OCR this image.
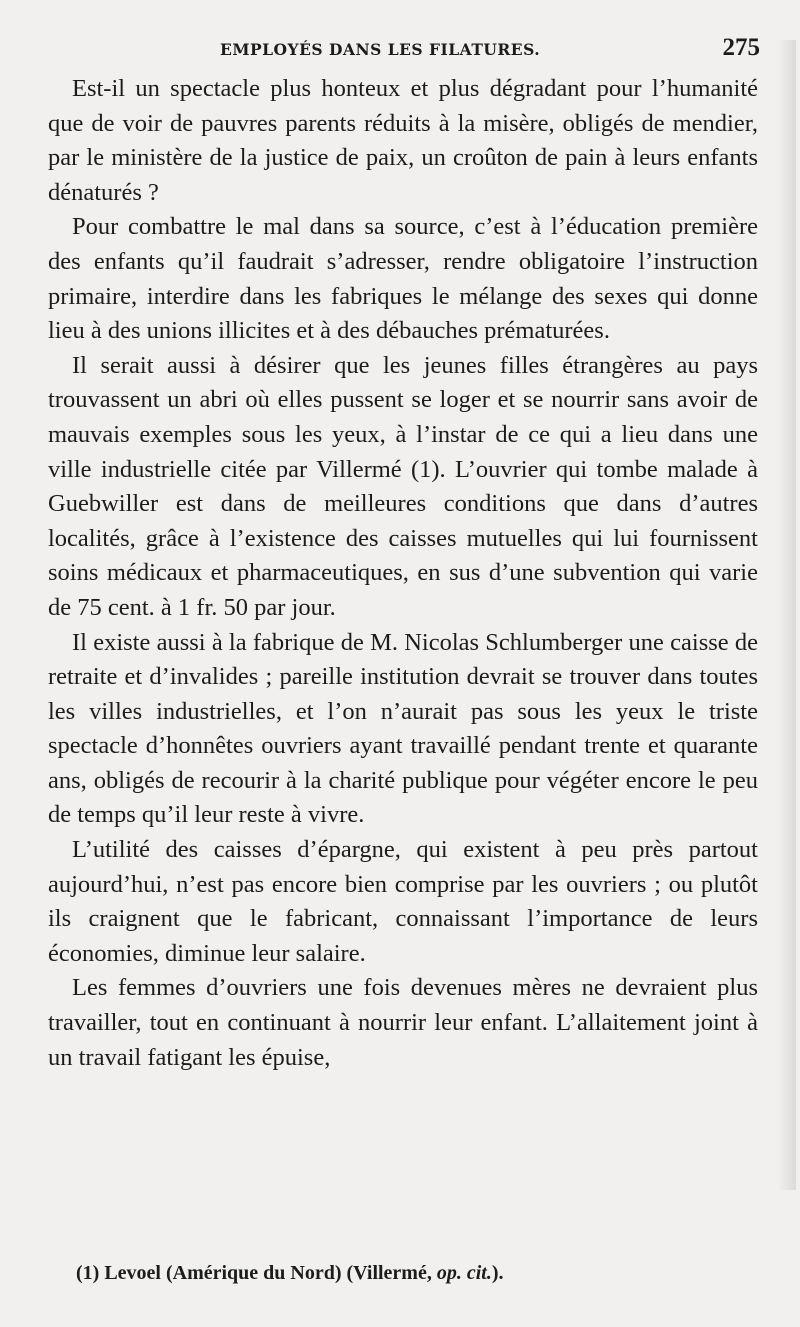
EMPLOYÉS DANS LES FILATURES.	275

Est-il un spectacle plus honteux et plus dégradant pour l’humanité que de voir de pauvres parents réduits à la misère, obligés de mendier, par le ministère de la justice de paix, un croûton de pain à leurs enfants dénaturés ?

Pour combattre le mal dans sa source, c’est à l’éducation première des enfants qu’il faudrait s’adresser, rendre obligatoire l’instruction primaire, interdire dans les fabriques le mélange des sexes qui donne lieu à des unions illicites et à des débauches prématurées.

Il serait aussi à désirer que les jeunes filles étrangères au pays trouvassent un abri où elles pussent se loger et se nourrir sans avoir de mauvais exemples sous les yeux, à l’instar de ce qui a lieu dans une ville industrielle citée par Villermé (1). L’ouvrier qui tombe malade à Guebwiller est dans de meilleures conditions que dans d’autres localités, grâce à l’existence des caisses mutuelles qui lui fournissent soins médicaux et pharmaceutiques, en sus d’une subvention qui varie de 75 cent. à 1 fr. 50 par jour.

Il existe aussi à la fabrique de M. Nicolas Schlumberger une caisse de retraite et d’invalides ; pareille institution devrait se trouver dans toutes les villes industrielles, et l’on n’aurait pas sous les yeux le triste spectacle d’honnêtes ouvriers ayant travaillé pendant trente et quarante ans, obligés de recourir à la charité publique pour végéter encore le peu de temps qu’il leur reste à vivre.

L’utilité des caisses d’épargne, qui existent à peu près partout aujourd’hui, n’est pas encore bien comprise par les ouvriers ; ou plutôt ils craignent que le fabricant, connaissant l’importance de leurs économies, diminue leur salaire.

Les femmes d’ouvriers une fois devenues mères ne devraient plus travailler, tout en continuant à nourrir leur enfant. L’allaitement joint à un travail fatigant les épuise,

(1) Levoel (Amérique du Nord) (Villermé, op. cit.).
